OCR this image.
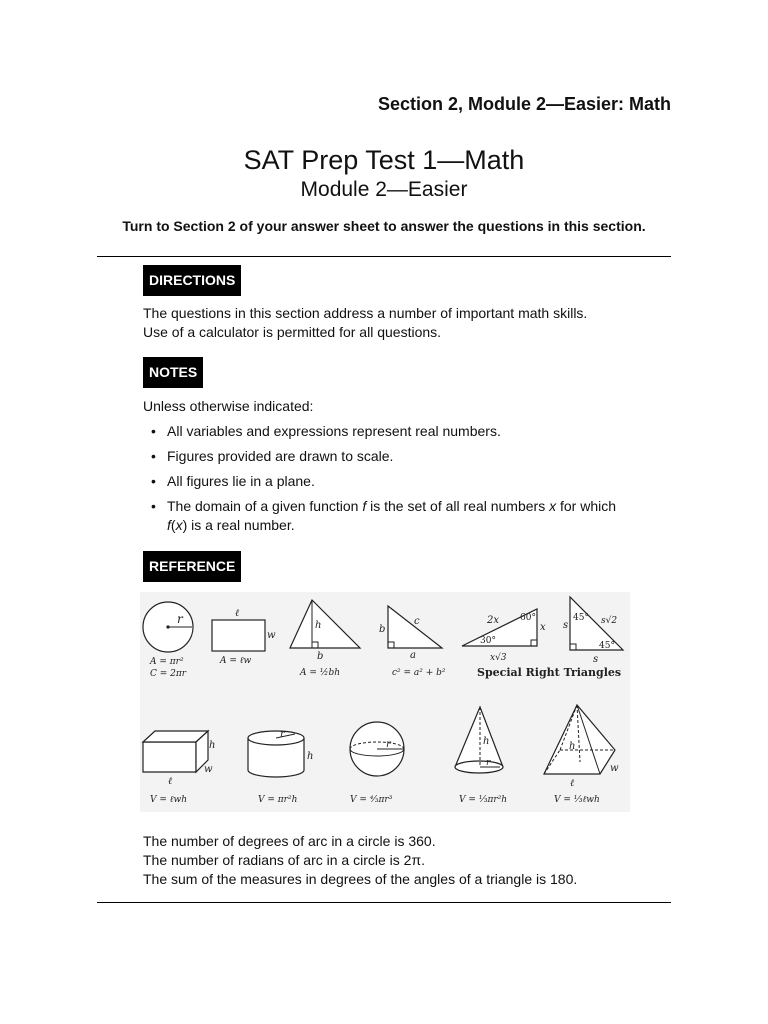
Section 2, Module 2—Easier: Math
SAT Prep Test 1—Math
Module 2—Easier
Turn to Section 2 of your answer sheet to answer the questions in this section.
DIRECTIONS
The questions in this section address a number of important math skills.
Use of a calculator is permitted for all questions.
NOTES
Unless otherwise indicated:
• All variables and expressions represent real numbers.
• Figures provided are drawn to scale.
• All figures lie in a plane.
• The domain of a given function f is the set of all real numbers x for which
f(x) is a real number.
REFERENCE
r
A = πr²
C = 2πr
ℓ
w
A = ℓw
h
b
A = ½bh
c
b
a
c² = a² + b²
2x 60°
x
30°
x√3
45° s√2
s
45°
s
Special Right Triangles
h
w
ℓ
V = ℓwh
r
h
V = πr²h
r
V = ⁴⁄₃πr³
h
r
V = ⅓πr²h
h
w
ℓ
V = ⅓ℓwh
The number of degrees of arc in a circle is 360.
The number of radians of arc in a circle is 2π.
The sum of the measures in degrees of the angles of a triangle is 180.
